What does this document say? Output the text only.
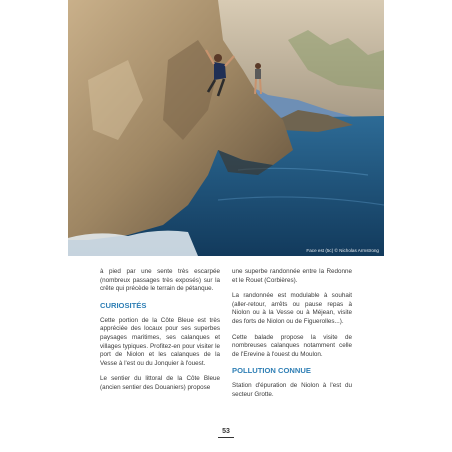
Face est (5c) © Nicholas Armstrong

à pied par une sente très escarpée (nombreux passages très exposés) sur la crête qui précède le terrain de pétanque.

CURIOSITÉS

Cette portion de la Côte Bleue est très appréciée des locaux pour ses superbes paysages maritimes, ses calanques et villages typiques. Profitez-en pour visiter le port de Niolon et les calanques de la Vesse à l'est ou du Jonquier à l'ouest.

Le sentier du littoral de la Côte Bleue (ancien sentier des Douaniers) propose

une superbe randonnée entre la Redonne et le Rouet (Corbières).

La randonnée est modulable à souhait (aller-retour, arrêts ou pause repas à Niolon ou à la Vesse ou à Méjean, visite des forts de Niolon ou de Figuerolles...).

Cette balade propose la visite de nombreuses calanques notamment celle de l'Erevine à l'ouest du Moulon.

POLLUTION CONNUE

Station d'épuration de Niolon à l'est du secteur Grotte.

53
